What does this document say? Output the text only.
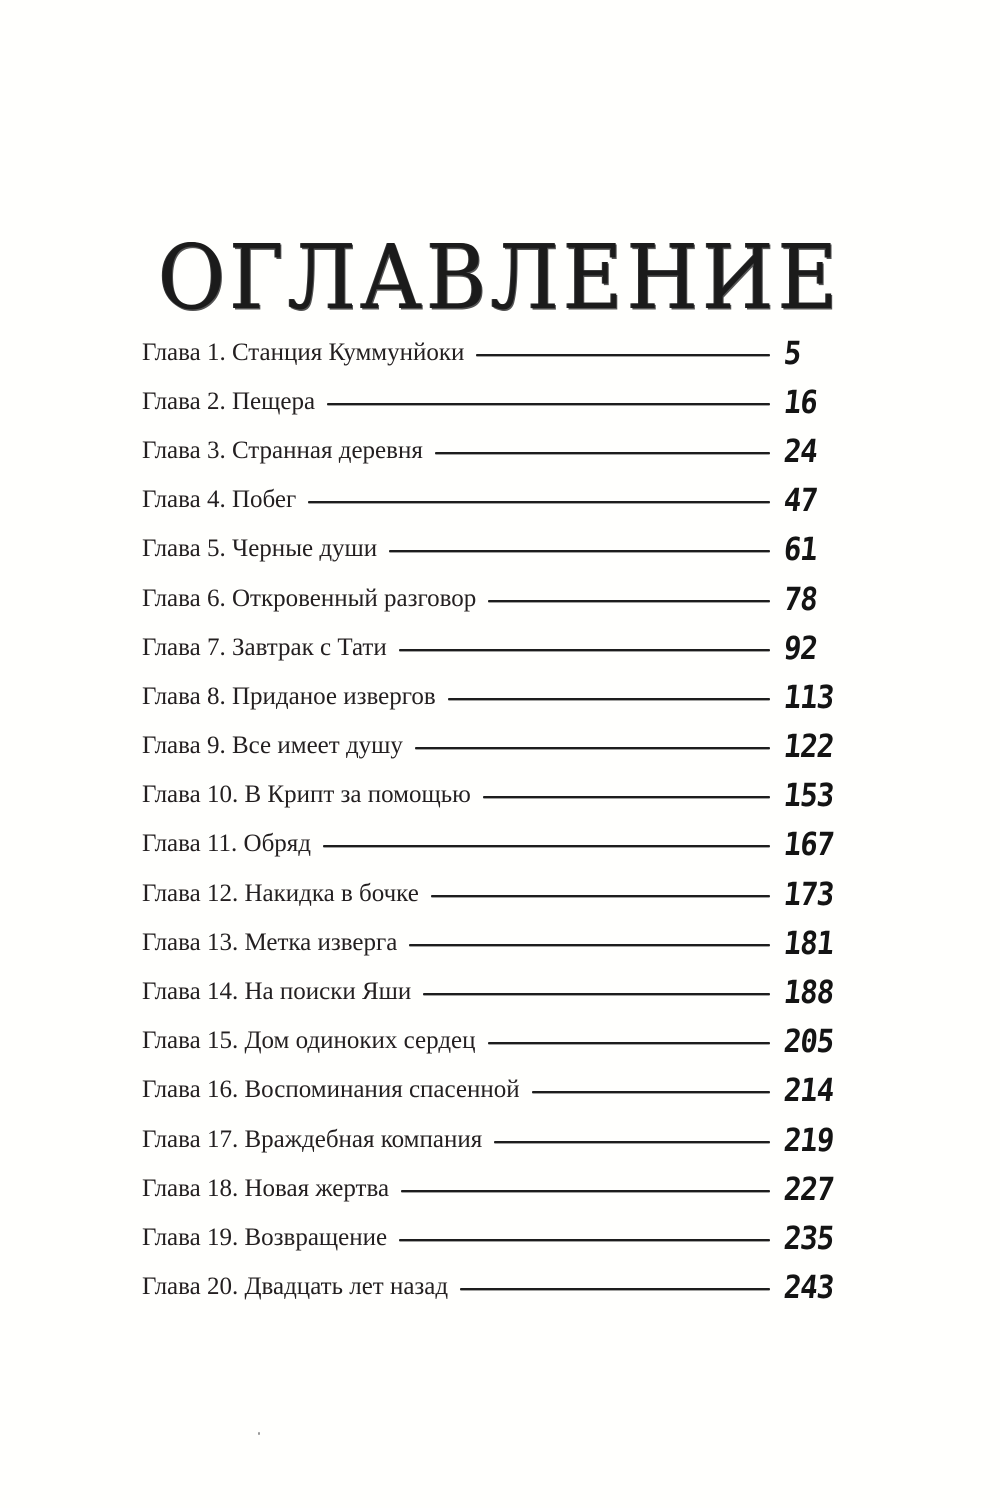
ОГЛАВЛЕНИЕ
Глава 1. Станция Куммунйоки	5
Глава 2. Пещера	16
Глава 3. Странная деревня	24
Глава 4. Побег	47
Глава 5. Черные души	61
Глава 6. Откровенный разговор	78
Глава 7. Завтрак с Тати	92
Глава 8. Приданое извергов	113
Глава 9. Все имеет душу	122
Глава 10. В Крипт за помощью	153
Глава 11. Обряд	167
Глава 12. Накидка в бочке	173
Глава 13. Метка изверга	181
Глава 14. На поиски Яши	188
Глава 15. Дом одиноких сердец	205
Глава 16. Воспоминания спасенной	214
Глава 17. Враждебная компания	219
Глава 18. Новая жертва	227
Глава 19. Возвращение	235
Глава 20. Двадцать лет назад	243
